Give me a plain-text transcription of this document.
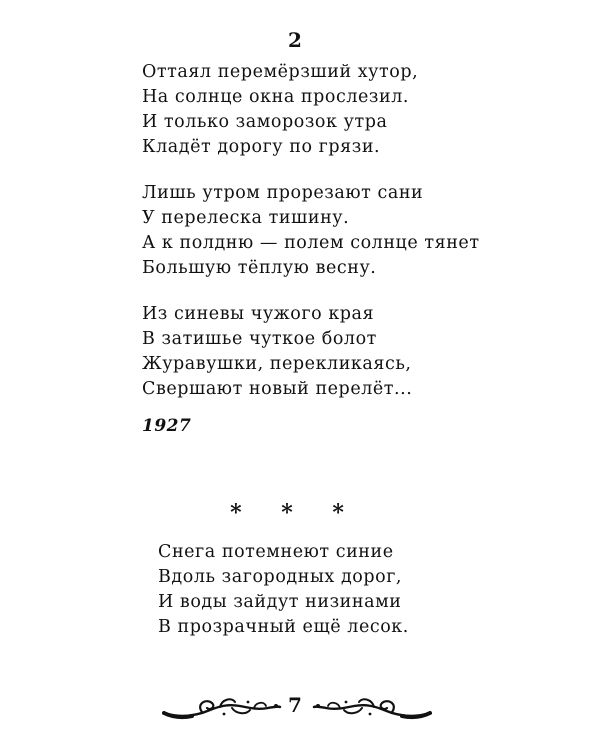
2
Оттаял перемёрзший хутор,
На солнце окна прослезил.
И только заморозок утра
Кладёт дорогу по грязи.
Лишь утром прорезают сани
У перелеска тишину.
А к полдню — полем солнце тянет
Большую тёплую весну.
Из синевы чужого края
В затишье чуткое болот
Журавушки, перекликаясь,
Свершают новый перелёт...
1927
* * *
Снега потемнеют синие
Вдоль загородных дорог,
И воды зайдут низинами
В прозрачный ещё лесок.
7
